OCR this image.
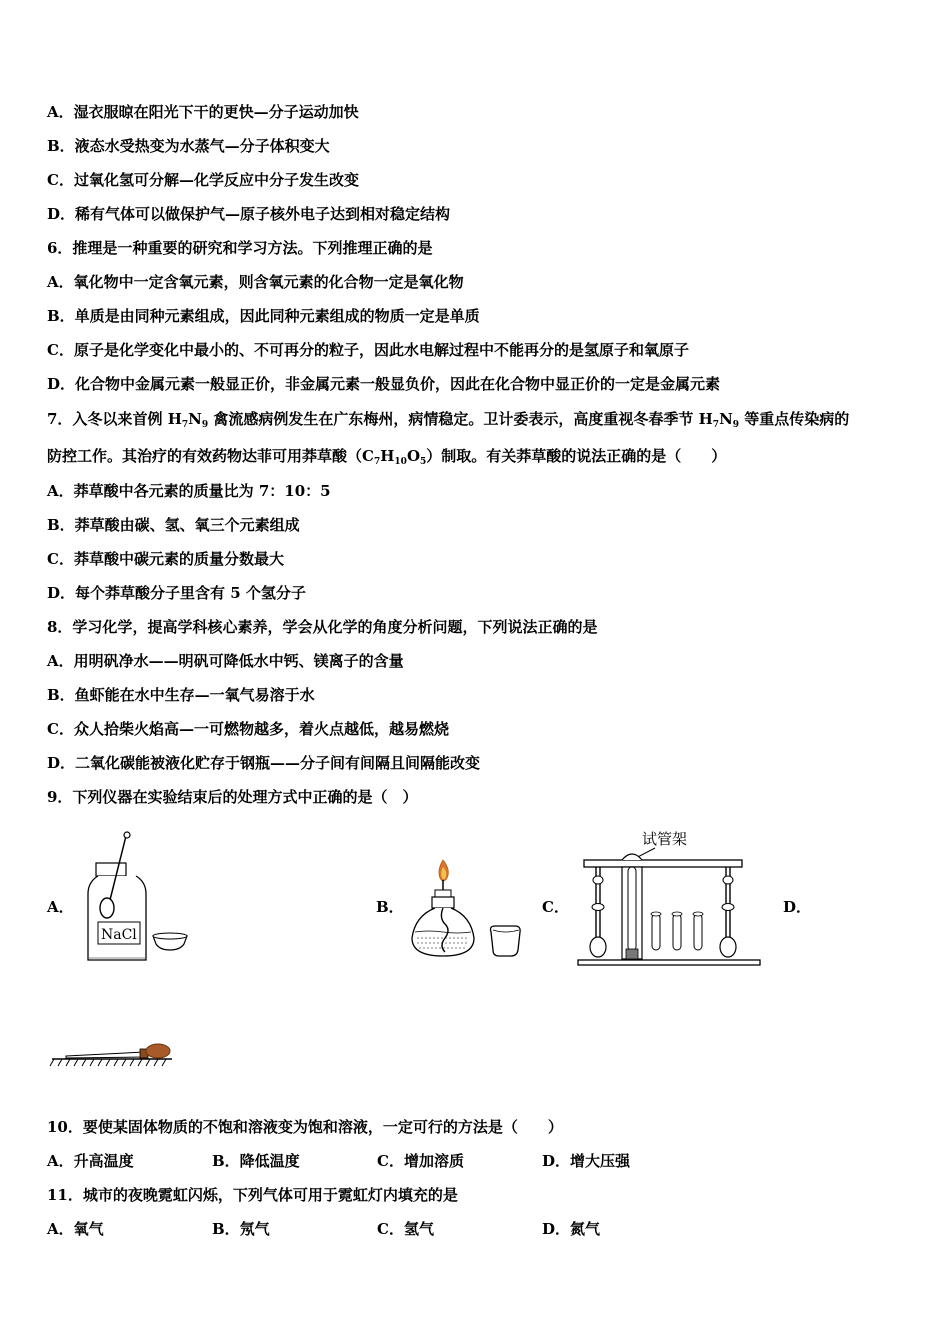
A．湿衣服晾在阳光下干的更快—分子运动加快
B．液态水受热变为水蒸气—分子体积变大
C．过氧化氢可分解—化学反应中分子发生改变
D．稀有气体可以做保护气—原子核外电子达到相对稳定结构
6．推理是一种重要的研究和学习方法。下列推理正确的是
A．氧化物中一定含氧元素，则含氧元素的化合物一定是氧化物
B．单质是由同种元素组成，因此同种元素组成的物质一定是单质
C．原子是化学变化中最小的、不可再分的粒子，因此水电解过程中不能再分的是氢原子和氧原子
D．化合物中金属元素一般显正价，非金属元素一般显负价，因此在化合物中显正价的一定是金属元素
7．入冬以来首例 $H_7N_9$ 禽流感病例发生在广东梅州，病情稳定。卫计委表示，高度重视冬春季节 $H_7N_9$ 等重点传染病的
防控工作。其治疗的有效药物达菲可用莽草酸$(C_7H_{10}O_5)$制取。有关莽草酸的说法正确的是（　　）
A．莽草酸中各元素的质量比为 7：10：5
B．莽草酸由碳、氢、氧三个元素组成
C．莽草酸中碳元素的质量分数最大
D．每个莽草酸分子里含有 5 个氢分子
8．学习化学，提高学科核心素养，学会从化学的角度分析问题，下列说法正确的是
A．用明矾净水——明矾可降低水中钙、镁离子的含量
B．鱼虾能在水中生存—一氧气易溶于水
C．众人拾柴火焰高—一可燃物越多，着火点越低，越易燃烧
D．二氧化碳能被液化贮存于钢瓶——分子间有间隔且间隔能改变
9．下列仪器在实验结束后的处理方式中正确的是（　）
A．	B．	C．	D．
NaCl
试管架
10．要使某固体物质的不饱和溶液变为饱和溶液，一定可行的方法是（　　）
A．升高温度	B．降低温度	C．增加溶质	D．增大压强
11．城市的夜晚霓虹闪烁，下列气体可用于霓虹灯内填充的是
A．氧气	B．氖气	C．氢气	D．氮气
